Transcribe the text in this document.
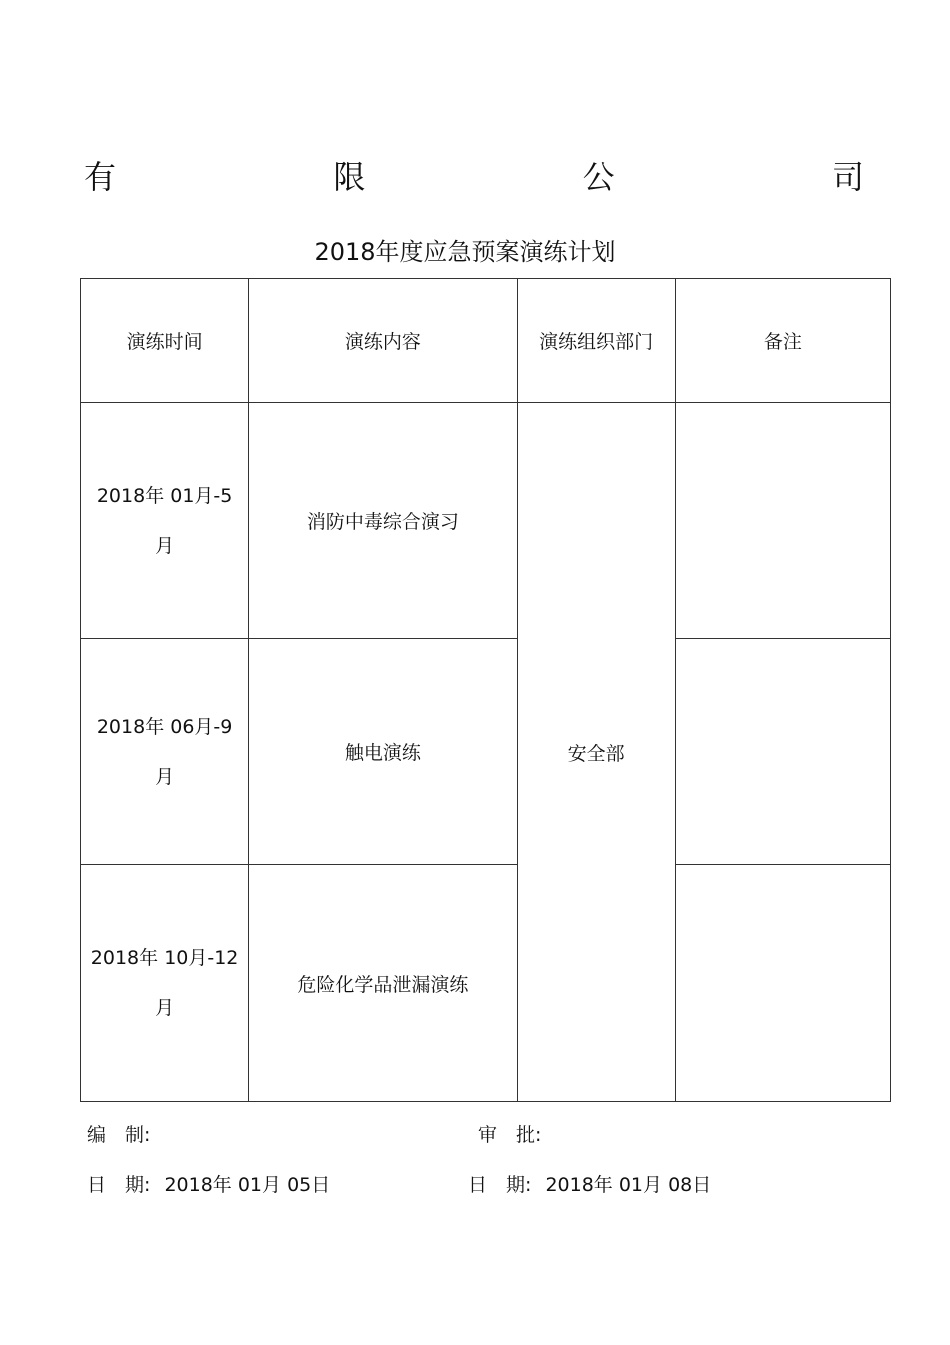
有	限	公	司
2018年度应急预案演练计划
演练时间	演练内容	演练组织部门	备注

2018年 01月-5
月	消防中毒综合演习	安全部	

2018年 06月-9
月	触电演练		

2018年 10月-12
月	危险化学品泄漏演练		
编　制:	审　批:
日　期: 2018年 01月 05日	日　期: 2018年 01月 08日
